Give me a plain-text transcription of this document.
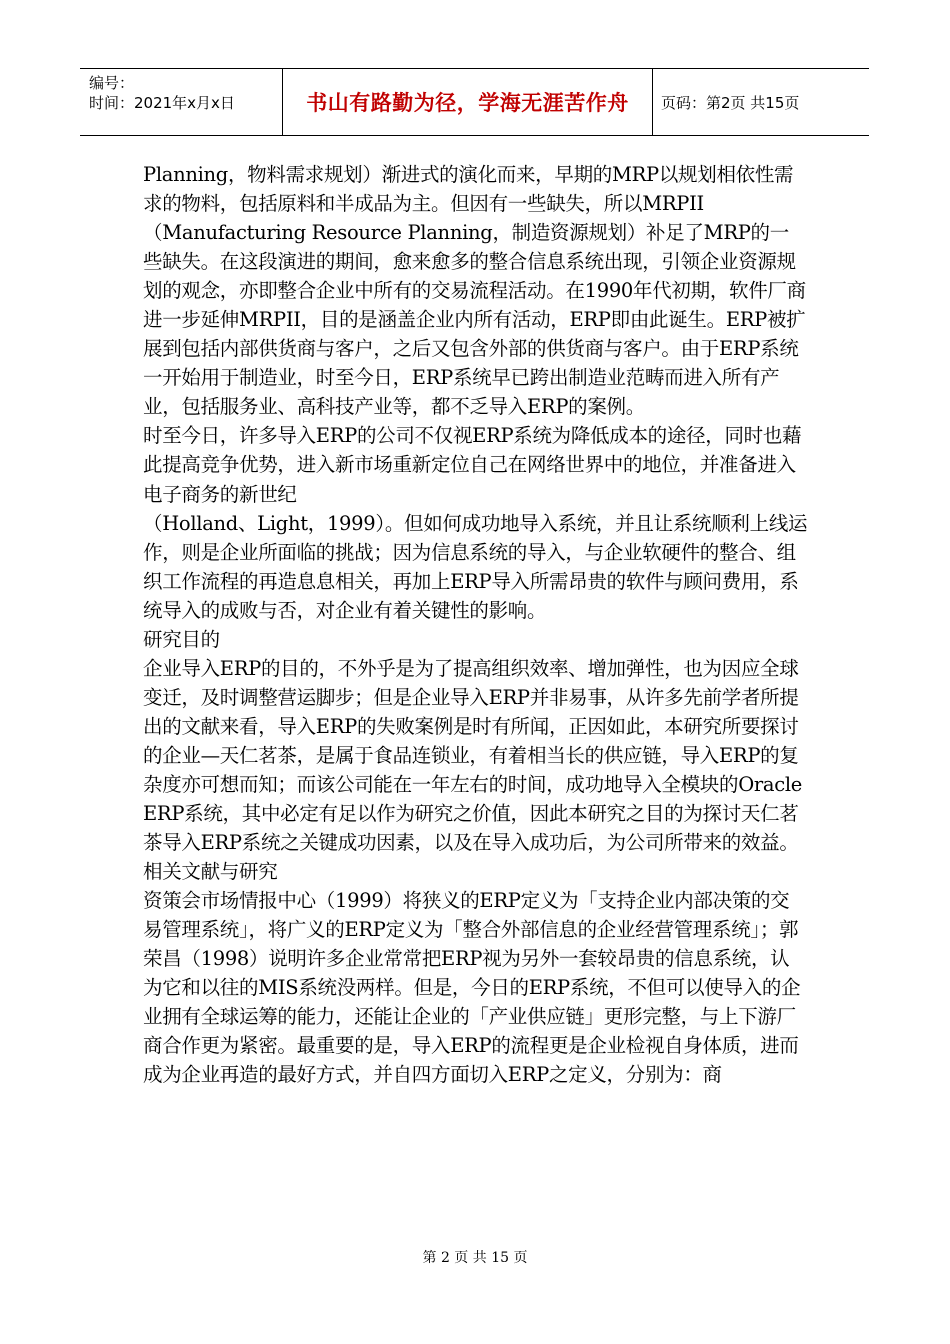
编号：
时间：2021年x月x日	书山有路勤为径，学海无涯苦作舟	页码：第2页 共15页

Planning，物料需求规划）渐进式的演化而来，早期的MRP以规划相依性需求的物料，包括原料和半成品为主。但因有一些缺失，所以MRPII（Manufacturing Resource Planning，制造资源规划）补足了MRP的一些缺失。在这段演进的期间，愈来愈多的整合信息系统出现，引领企业资源规划的观念，亦即整合企业中所有的交易流程活动。在1990年代初期，软件厂商进一步延伸MRPII，目的是涵盖企业内所有活动，ERP即由此诞生。ERP被扩展到包括内部供货商与客户，之后又包含外部的供货商与客户。由于ERP系统一开始用于制造业，时至今日，ERP系统早已跨出制造业范畴而进入所有产业，包括服务业、高科技产业等，都不乏导入ERP的案例。

时至今日，许多导入ERP的公司不仅视ERP系统为降低成本的途径，同时也藉此提高竞争优势，进入新市场重新定位自己在网络世界中的地位，并准备进入电子商务的新世纪

（Holland、Light，1999）。但如何成功地导入系统，并且让系统顺利上线运作，则是企业所面临的挑战；因为信息系统的导入，与企业软硬件的整合、组织工作流程的再造息息相关，再加上ERP导入所需昂贵的软件与顾问费用，系统导入的成败与否，对企业有着关键性的影响。

研究目的

企业导入ERP的目的，不外乎是为了提高组织效率、增加弹性，也为因应全球变迁，及时调整营运脚步；但是企业导入ERP并非易事，从许多先前学者所提出的文献来看，导入ERP的失败案例是时有所闻，正因如此，本研究所要探讨的企业—天仁茗茶，是属于食品连锁业，有着相当长的供应链，导入ERP的复杂度亦可想而知；而该公司能在一年左右的时间，成功地导入全模块的Oracle ERP系统，其中必定有足以作为研究之价值，因此本研究之目的为探讨天仁茗茶导入ERP系统之关键成功因素，以及在导入成功后，为公司所带来的效益。

相关文献与研究

资策会市场情报中心（1999）将狭义的ERP定义为「支持企业内部决策的交易管理系统」，将广义的ERP定义为「整合外部信息的企业经营管理系统」；郭荣昌（1998）说明许多企业常常把ERP视为另外一套较昂贵的信息系统，认为它和以往的MIS系统没两样。但是，今日的ERP系统，不但可以使导入的企业拥有全球运筹的能力，还能让企业的「产业供应链」更形完整，与上下游厂商合作更为紧密。最重要的是，导入ERP的流程更是企业检视自身体质，进而成为企业再造的最好方式，并自四方面切入ERP之定义，分别为：商

第 2 页 共 15 页
